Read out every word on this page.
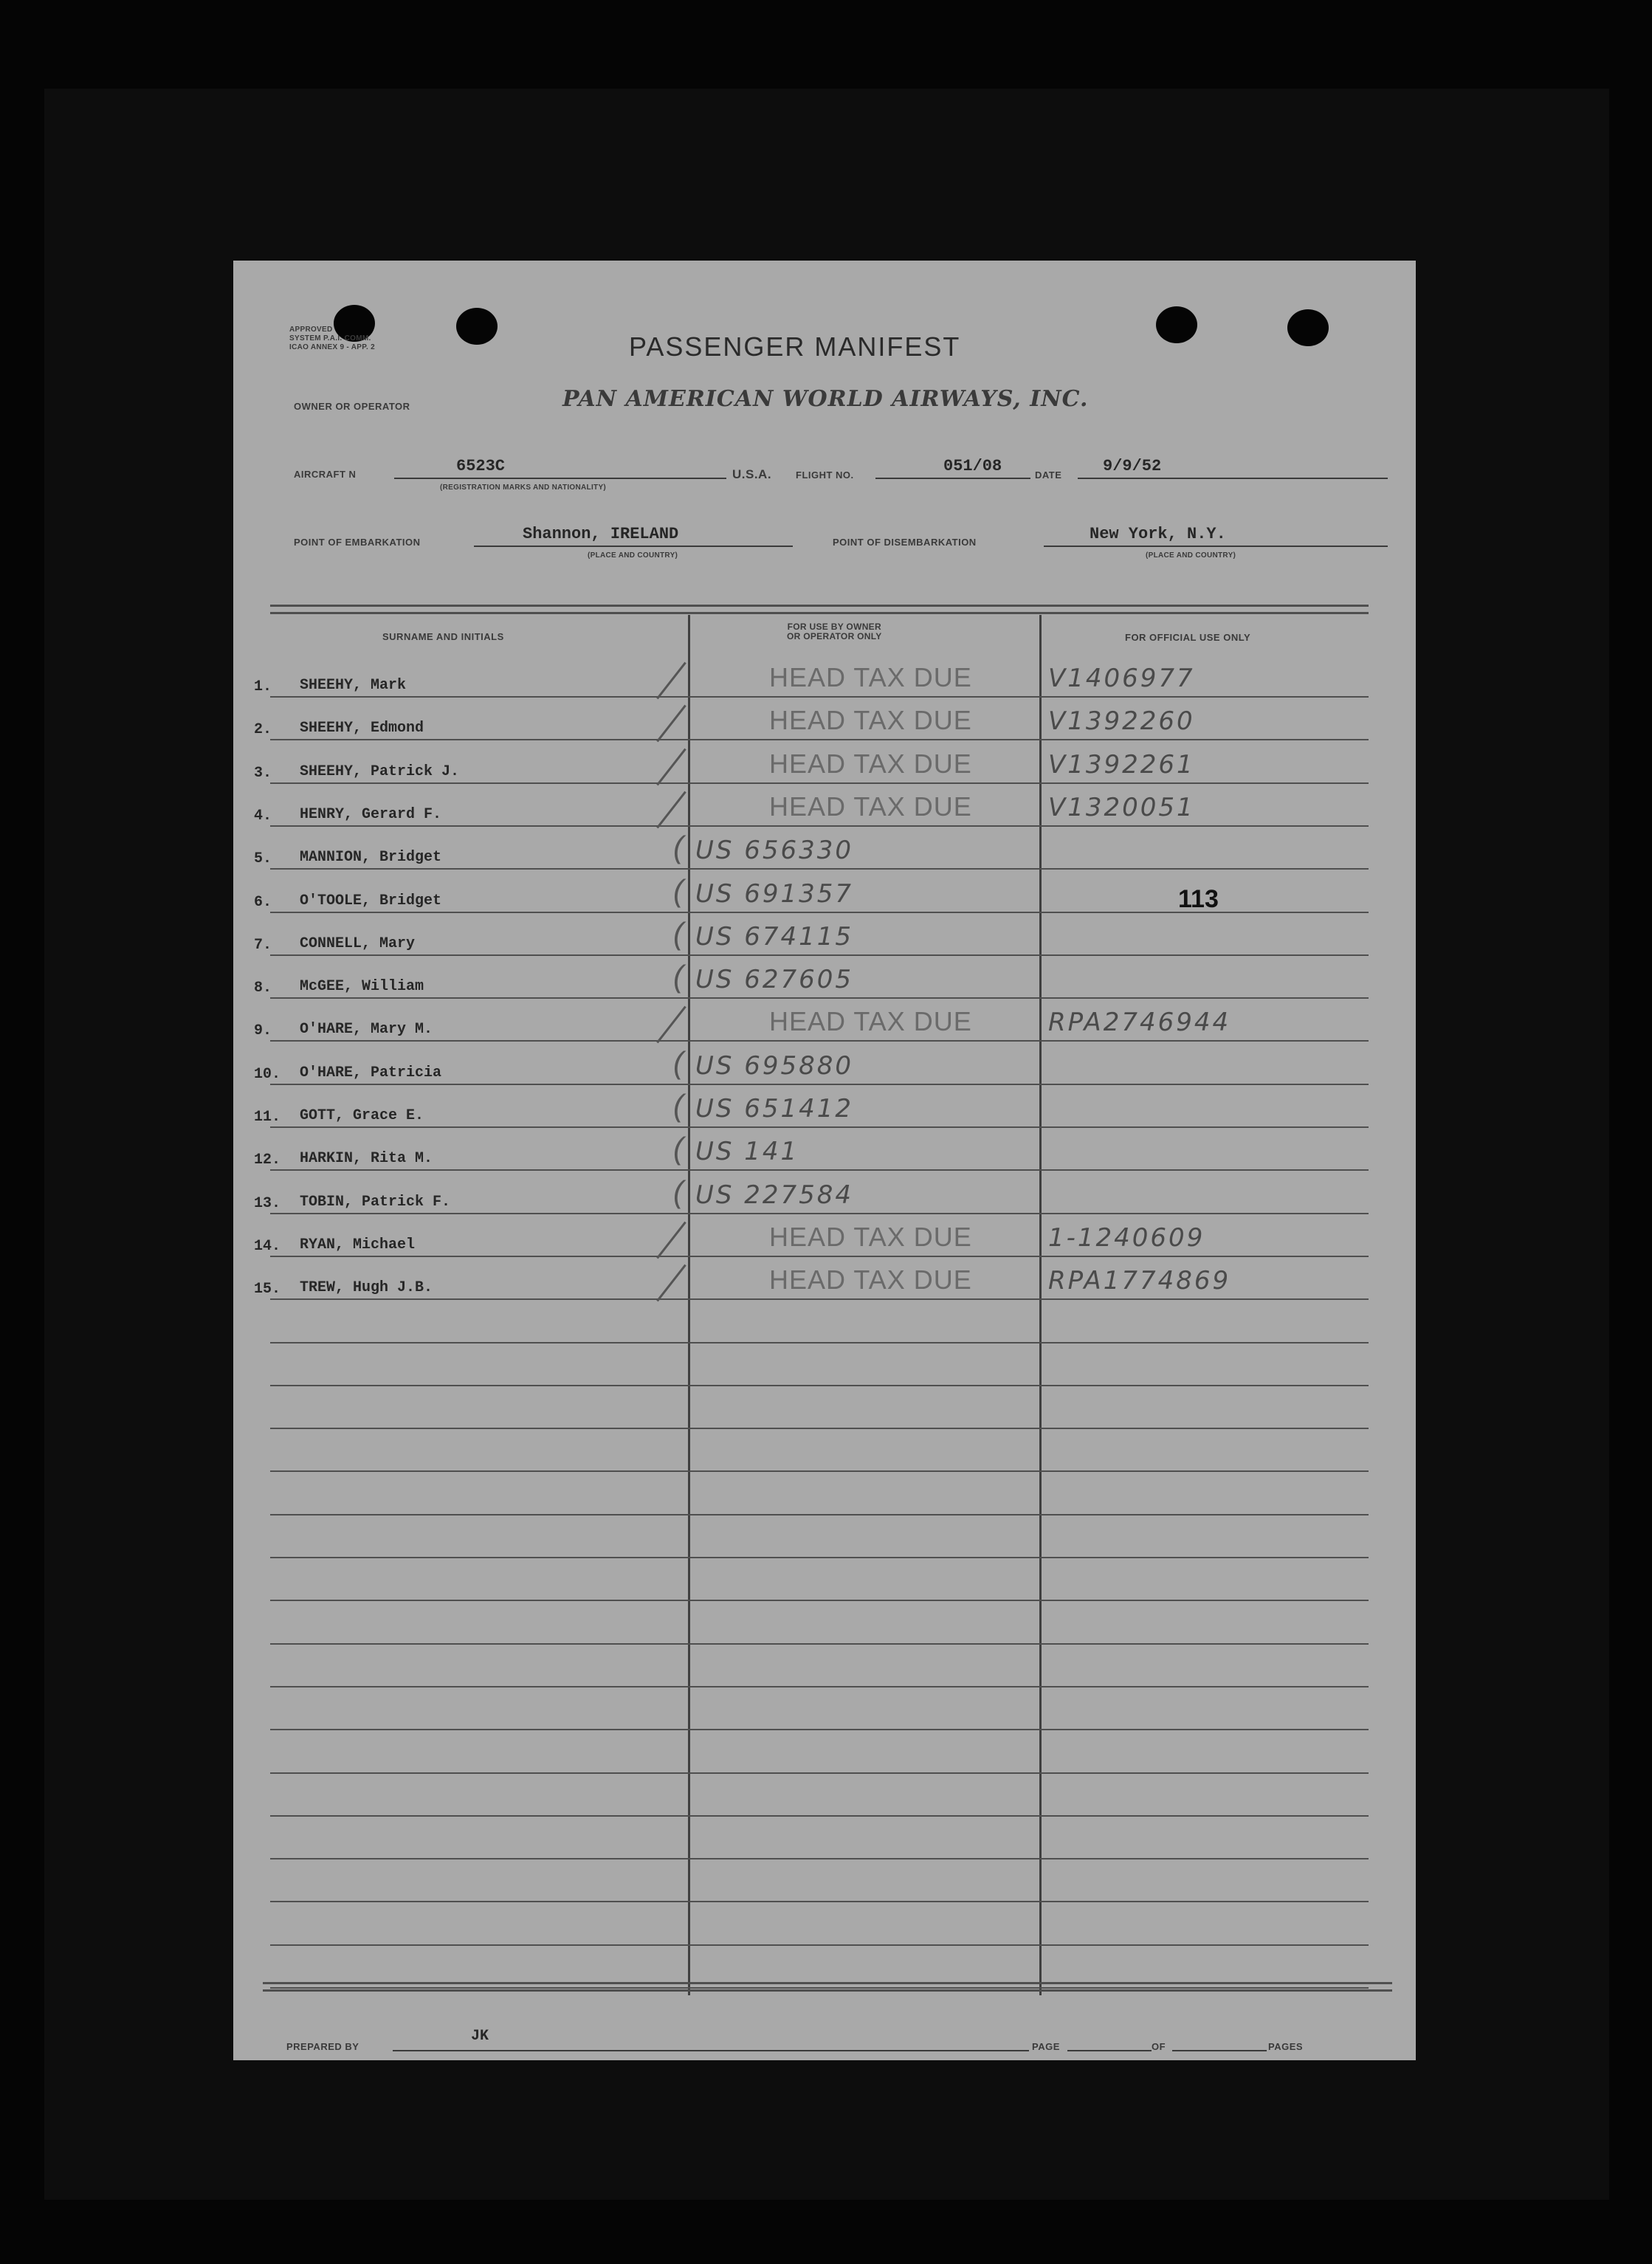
APPROVED
SYSTEM P.A.I. COMM.
ICAO ANNEX 9 - APP. 2	PASSENGER MANIFEST
OWNER OR OPERATOR	PAN AMERICAN WORLD AIRWAYS, INC.
AIRCRAFT N	6523C
(REGISTRATION MARKS AND NATIONALITY)
U.S.A.	FLIGHT NO.	051/08	DATE	9/9/52
POINT OF EMBARKATION	Shannon, IRELAND
(PLACE AND COUNTRY)
POINT OF DISEMBARKATION	New York, N.Y.
(PLACE AND COUNTRY)
SURNAME AND INITIALS
FOR USE BY OWNER
OR OPERATOR ONLY	FOR OFFICIAL USE ONLY
1. SHEEHY, Mark	HEAD TAX DUE	V1406977
2. SHEEHY, Edmond	HEAD TAX DUE	V1392260
3. SHEEHY, Patrick J.	HEAD TAX DUE	V1392261
4. HENRY, Gerard F.	HEAD TAX DUE	V1320051
5. MANNION, Bridget	( US 656330
6. O'TOOLE, Bridget	( US 691357	113
7. CONNELL, Mary	( US 674115
8. McGEE, William	( US 627605
9. O'HARE, Mary M.	HEAD TAX DUE	RPA2746944
10. O'HARE, Patricia	( US 695880
11. GOTT, Grace E.	( US 651412
12. HARKIN, Rita M.	( US 141
13. TOBIN, Patrick F.	( US 227584
14. RYAN, Michael	HEAD TAX DUE	1-1240609
15. TREW, Hugh J.B.	HEAD TAX DUE	RPA1774869
PREPARED BY
JK
PAGE	OF	PAGES
